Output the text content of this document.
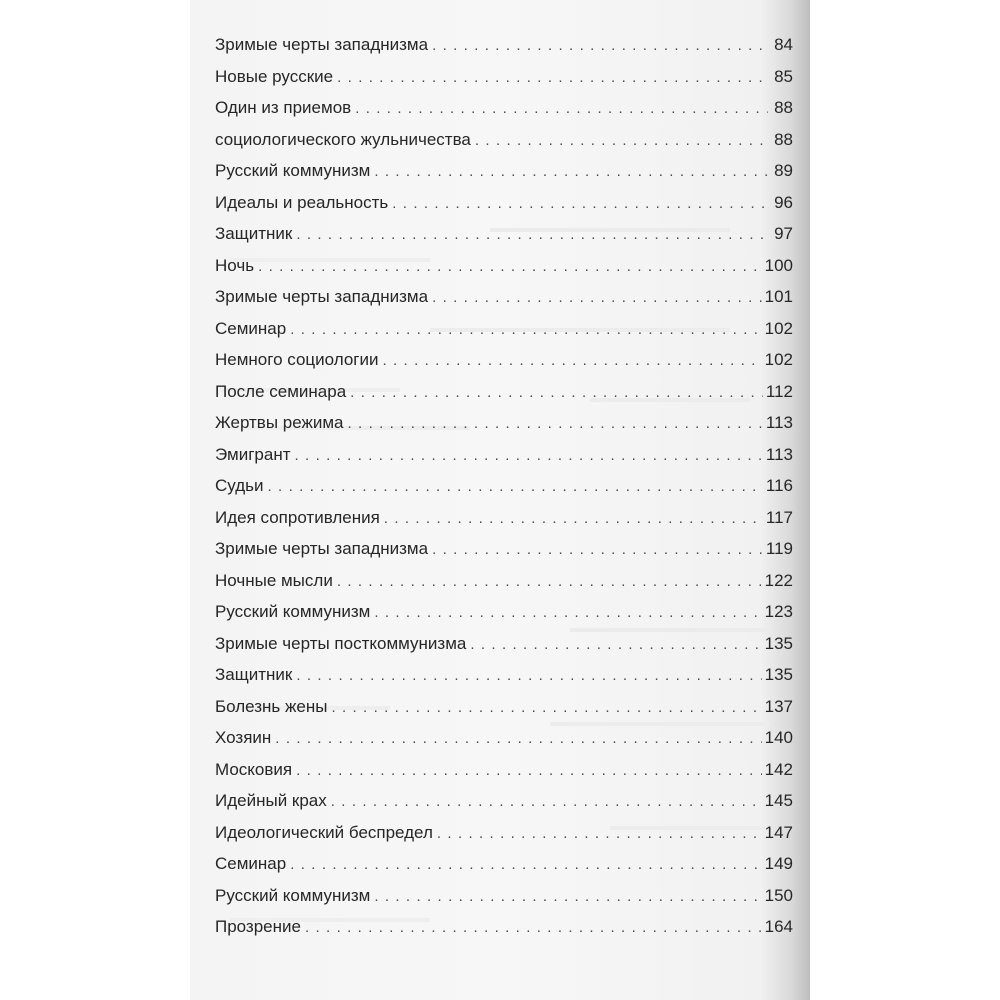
Зримые черты западнизма . . .	84
Новые русские . . .	85
Один из приемов . . .	88
социологического жульничества . . .	88
Русский коммунизм . . .	89
Идеалы и реальность . . .	96
Защитник . . .	97
Ночь . . .	100
Зримые черты западнизма . . .	101
Семинар . . .	102
Немного социологии . . .	102
После семинара . . .	112
Жертвы режима . . .	113
Эмигрант . . .	113
Судьи . . .	116
Идея сопротивления . . .	117
Зримые черты западнизма . . .	119
Ночные мысли . . .	122
Русский коммунизм . . .	123
Зримые черты посткоммунизма . . .	135
Защитник . . .	135
Болезнь жены . . .	137
Хозяин . . .	140
Московия . . .	142
Идейный крах . . .	145
Идеологический беспредел . . .	147
Семинар . . .	149
Русский коммунизм . . .	150
Прозрение . . .	164
